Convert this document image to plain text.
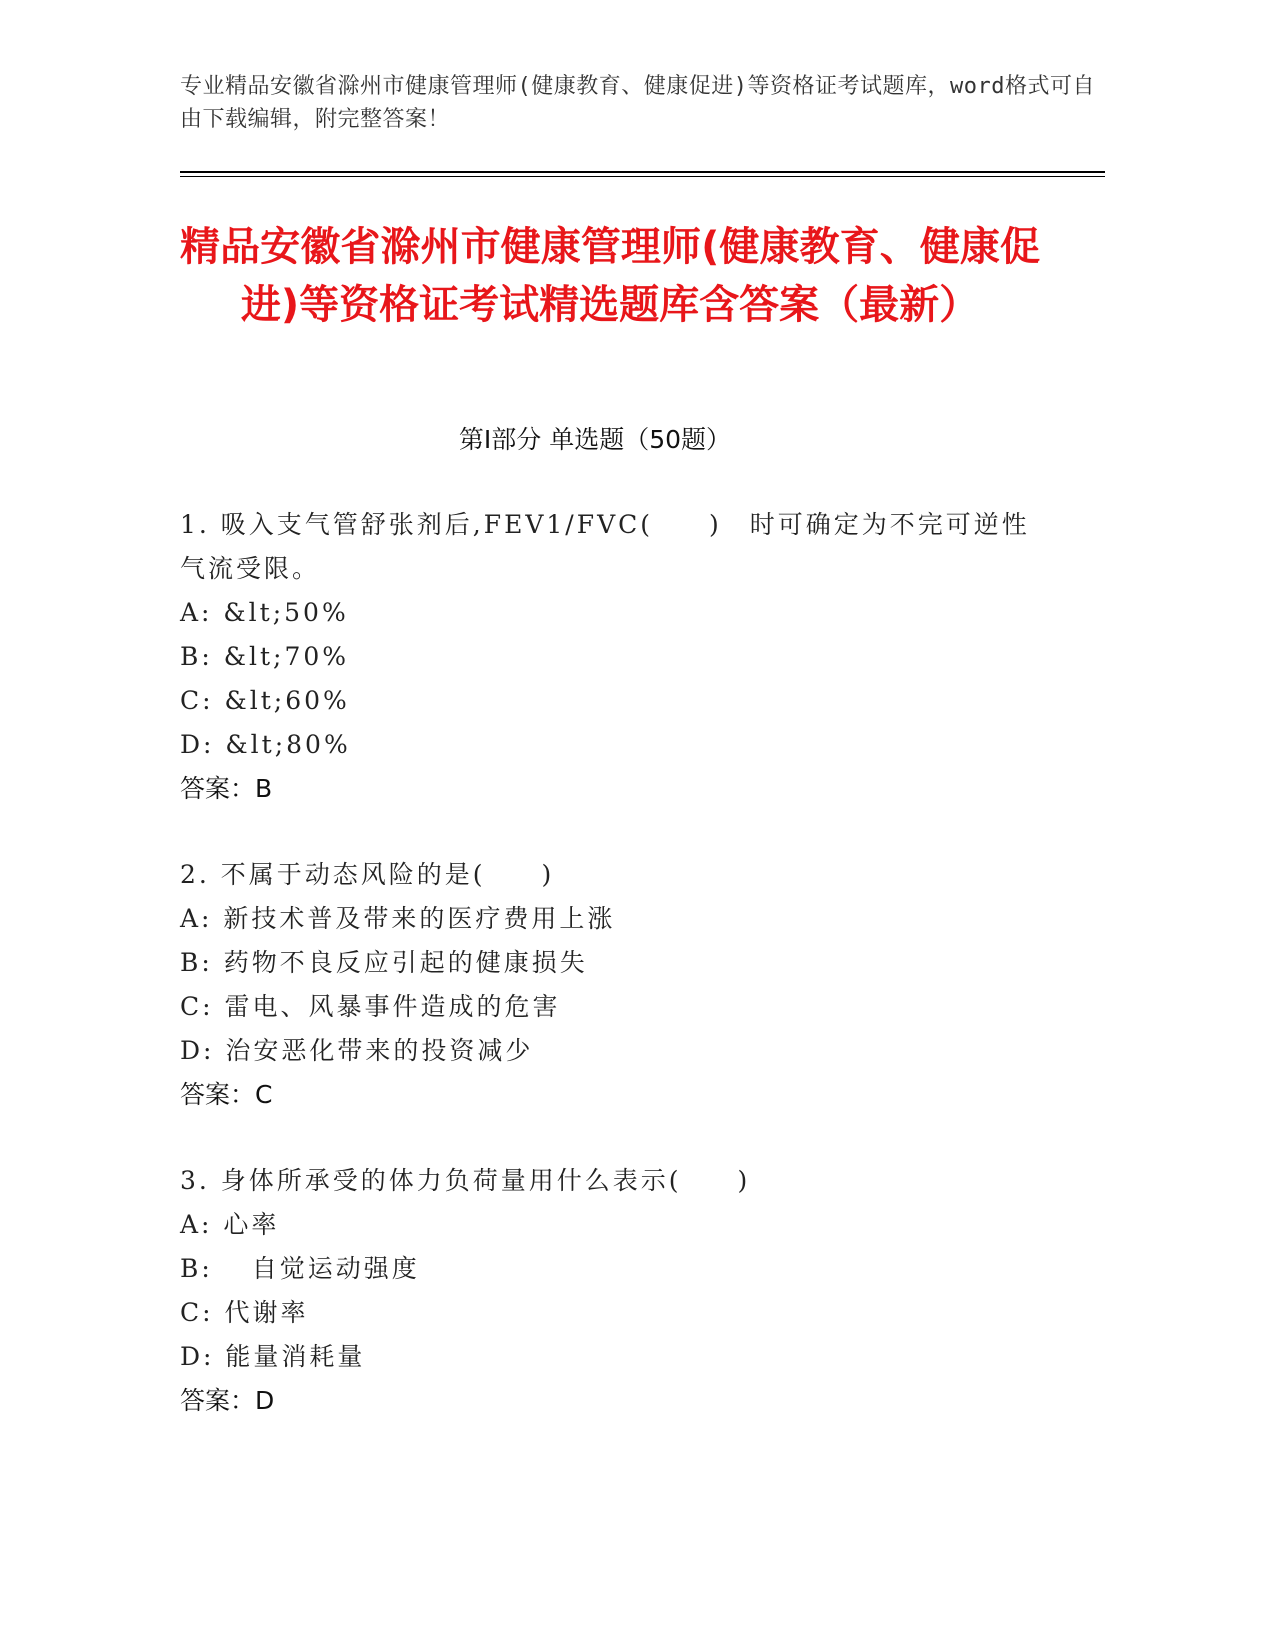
专业精品安徽省滁州市健康管理师(健康教育、健康促进)等资格证考试题库，word格式可自由下载编辑，附完整答案！
精品安徽省滁州市健康管理师(健康教育、健康促进)等资格证考试精选题库含答案（最新）
第Ⅰ部分 单选题（50题）
1. 吸入支气管舒张剂后,FEV1/FVC(　　)　时可确定为不完可逆性气流受限。
A: &lt;50%
B: &lt;70%
C: &lt;60%
D: &lt;80%
答案：B
2. 不属于动态风险的是(　　)
A: 新技术普及带来的医疗费用上涨
B: 药物不良反应引起的健康损失
C: 雷电、风暴事件造成的危害
D: 治安恶化带来的投资减少
答案：C
3. 身体所承受的体力负荷量用什么表示(　　)
A: 心率
B: 　自觉运动强度
C: 代谢率
D: 能量消耗量
答案：D
